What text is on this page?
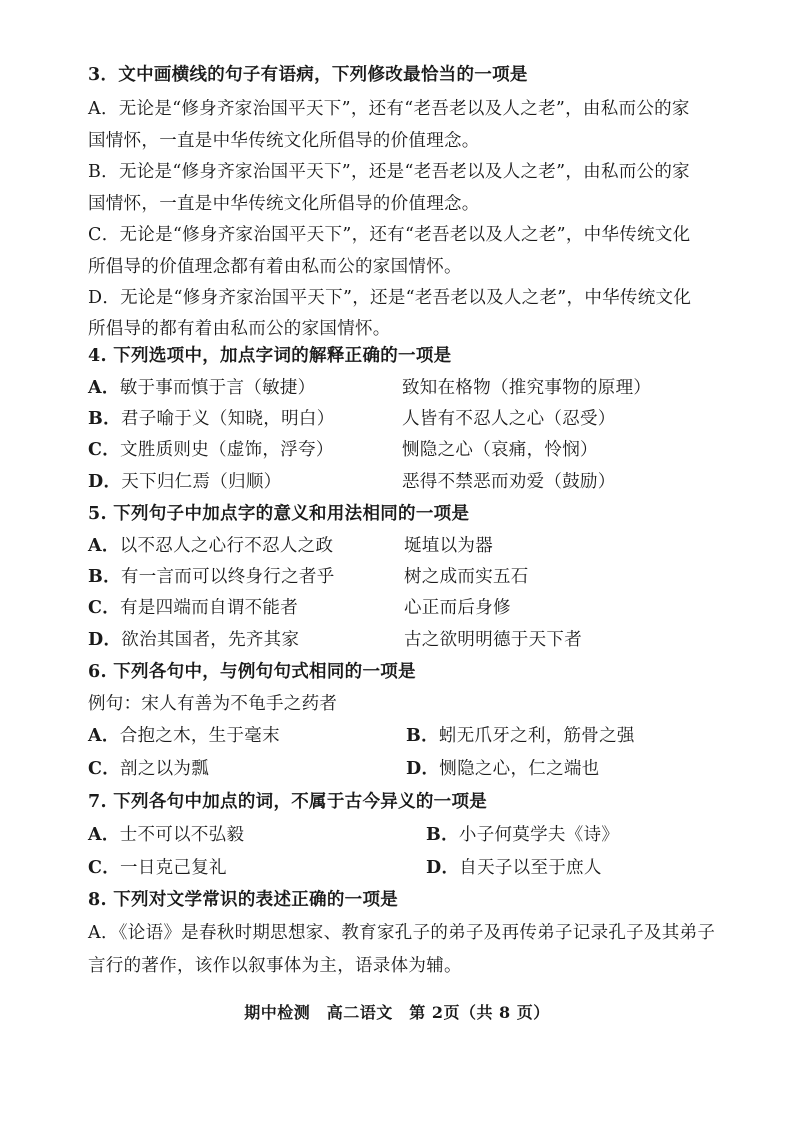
3．文中画横线的句子有语病，下列修改最恰当的一项是
A．无论是“修身齐家治国平天下”，还有“老吾老以及人之老”，由私而公的家
国情怀，一直是中华传统文化所倡导的价值理念。
B．无论是“修身齐家治国平天下”，还是“老吾老以及人之老”，由私而公的家
国情怀，一直是中华传统文化所倡导的价值理念。
C．无论是“修身齐家治国平天下”，还有“老吾老以及人之老”，中华传统文化
所倡导的价值理念都有着由私而公的家国情怀。
D．无论是“修身齐家治国平天下”，还是“老吾老以及人之老”，中华传统文化
所倡导的都有着由私而公的家国情怀。
4. 下列选项中，加点字词的解释正确的一项是
A．敏于事而慎于言（敏捷）	致知在格物（推究事物的原理）
B．君子喻于义（知晓，明白）	人皆有不忍人之心（忍受）
C．文胜质则史（虚饰，浮夸）	恻隐之心（哀痛，怜悯）
D．天下归仁焉（归顺）	恶得不禁恶而劝爱（鼓励）
5. 下列句子中加点字的意义和用法相同的一项是
A．以不忍人之心行不忍人之政	埏埴以为器
B．有一言而可以终身行之者乎	树之成而实五石
C．有是四端而自谓不能者	心正而后身修
D．欲治其国者，先齐其家	古之欲明明德于天下者
6. 下列各句中，与例句句式相同的一项是
例句：宋人有善为不龟手之药者
A．合抱之木，生于毫末	B．蚓无爪牙之利，筋骨之强
C．剖之以为瓢	D．恻隐之心，仁之端也
7. 下列各句中加点的词，不属于古今异义的一项是
A．士不可以不弘毅	B．小子何莫学夫《诗》
C．一日克己复礼	D．自天子以至于庶人
8. 下列对文学常识的表述正确的一项是
A．《论语》是春秋时期思想家、教育家孔子的弟子及再传弟子记录孔子及其弟子
言行的著作，该作以叙事体为主，语录体为辅。
期中检测　高二语文　第 2页（共 8 页）
